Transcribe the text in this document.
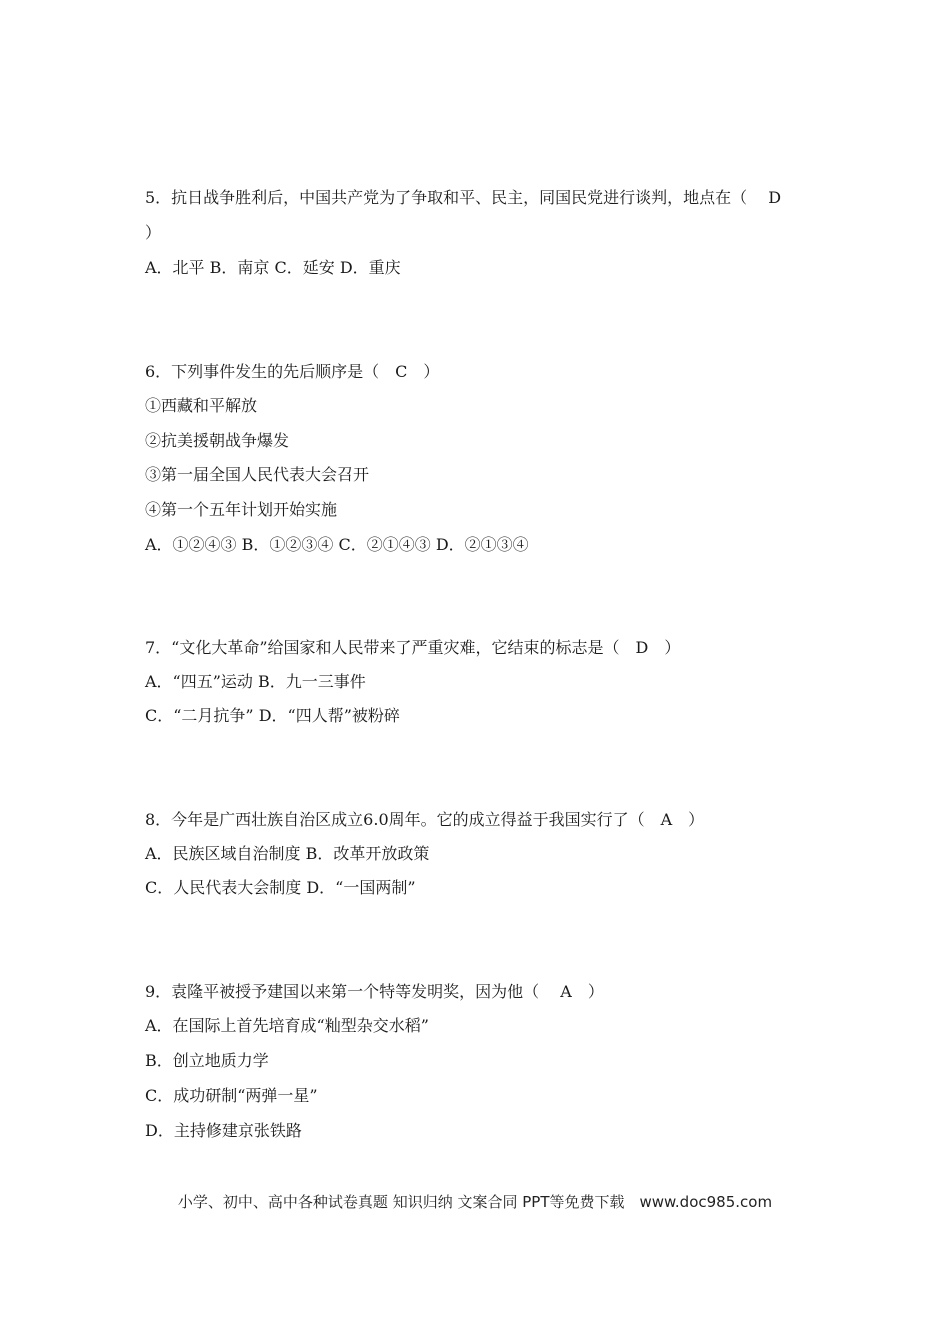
5．抗日战争胜利后，中国共产党为了争取和平、民主，同国民党进行谈判，地点在（　 D
）
A．北平 B．南京 C．延安 D．重庆
6．下列事件发生的先后顺序是（　C　）
①西藏和平解放
②抗美援朝战争爆发
③第一届全国人民代表大会召开
④第一个五年计划开始实施
A．①②④③ B．①②③④ C．②①④③ D．②①③④
7．“文化大革命”给国家和人民带来了严重灾难，它结束的标志是（　D　）
A．“四五”运动 B．九一三事件
C．“二月抗争” D．“四人帮”被粉碎
8．今年是广西壮族自治区成立6.0周年。它的成立得益于我国实行了（　A　）
A．民族区域自治制度 B．改革开放政策
C．人民代表大会制度 D．“一国两制”
9．袁隆平被授予建国以来第一个特等发明奖，因为他（　 A　）
A．在国际上首先培育成“籼型杂交水稻”
B．创立地质力学
C．成功研制“两弹一星”
D．主持修建京张铁路
小学、初中、高中各种试卷真题 知识归纳 文案合同 PPT等免费下载　www.doc985.com
